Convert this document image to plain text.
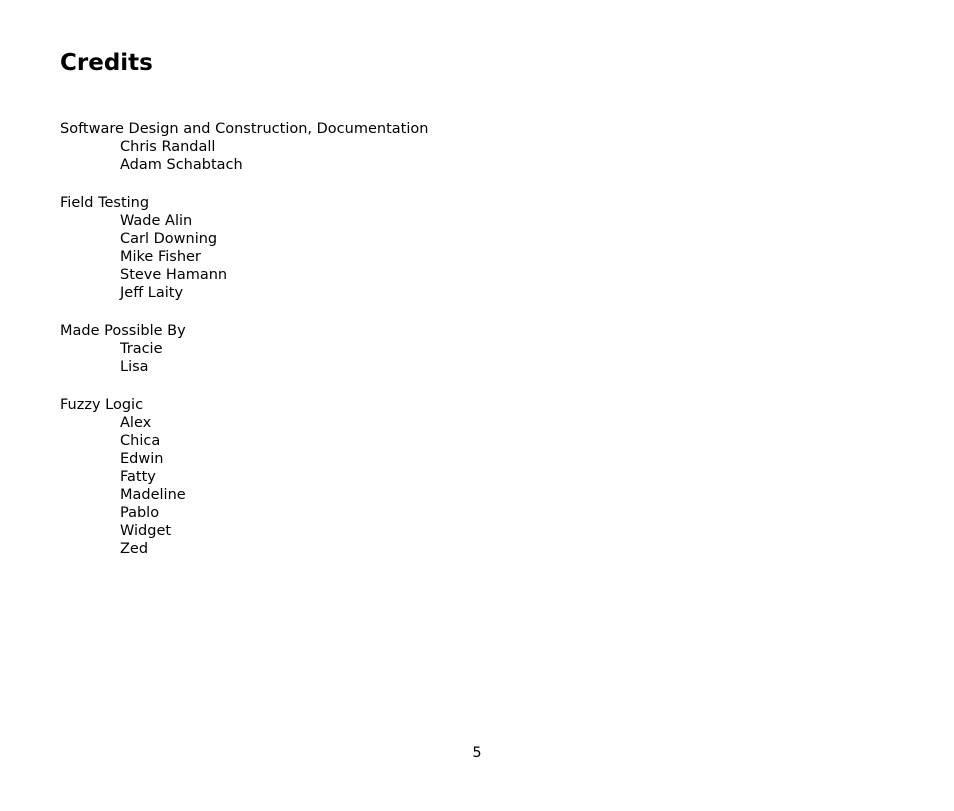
Credits
Software Design and Construction, Documentation
Chris Randall
Adam Schabtach
Field Testing
Wade Alin
Carl Downing
Mike Fisher
Steve Hamann
Jeff Laity
Made Possible By
Tracie
Lisa
Fuzzy Logic
Alex
Chica
Edwin
Fatty
Madeline
Pablo
Widget
Zed
5
